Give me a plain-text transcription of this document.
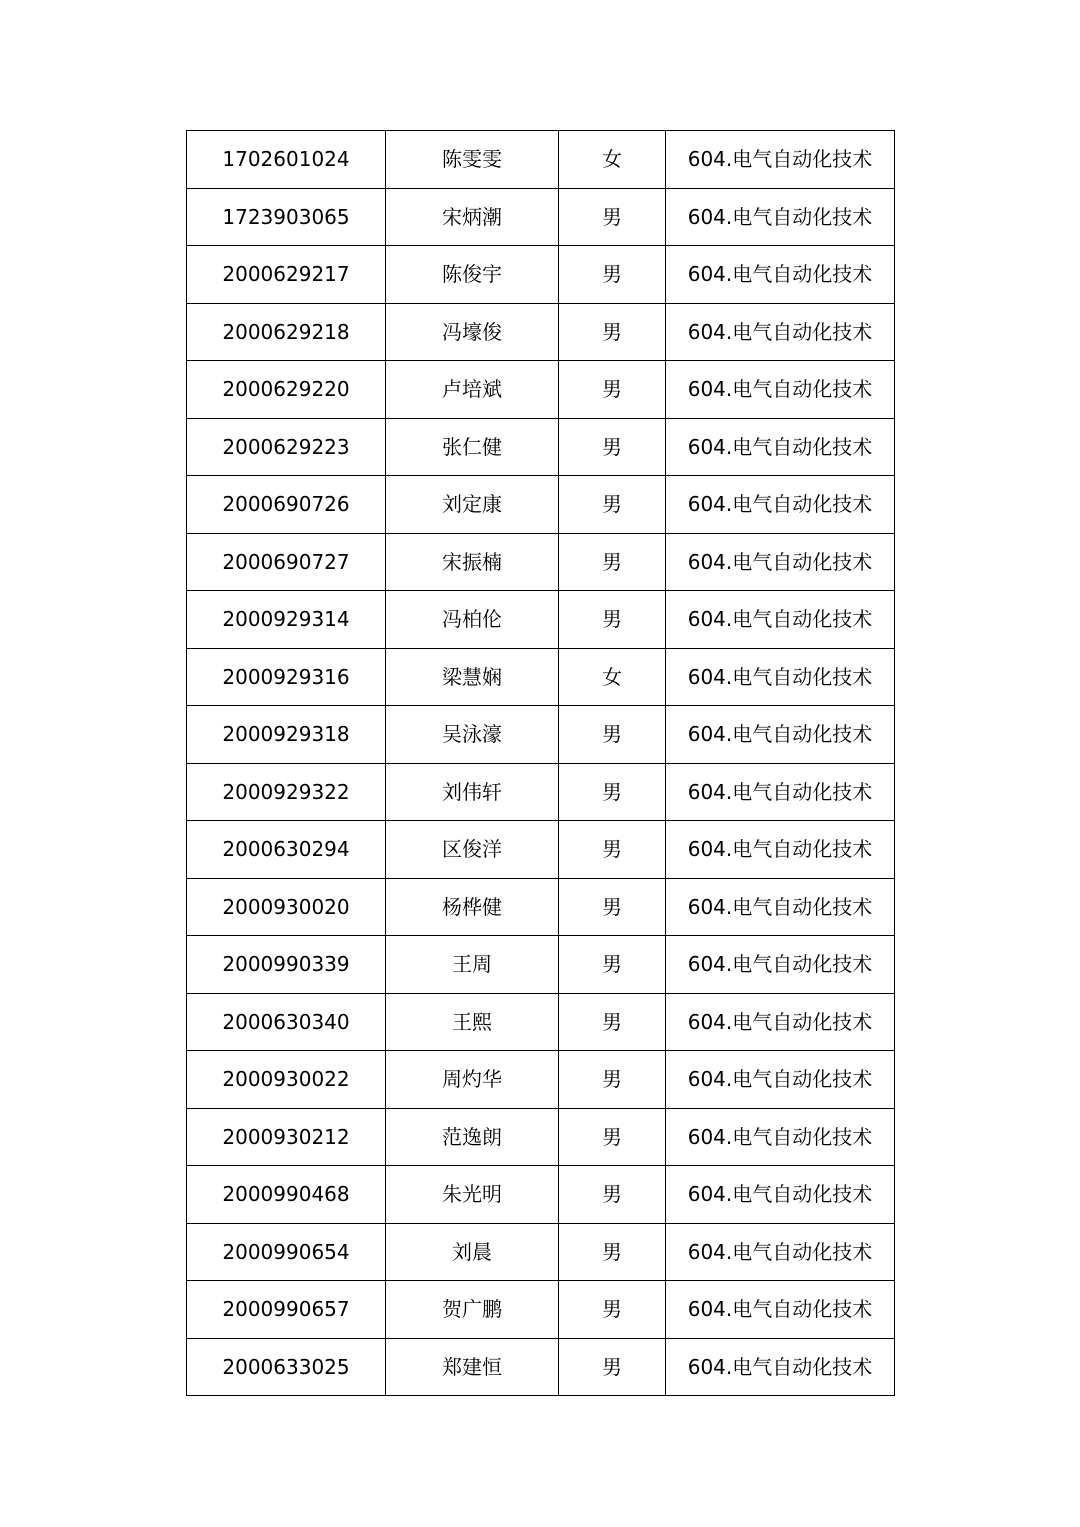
1702601024	陈雯雯	女	604.电气自动化技术
1723903065	宋炳潮	男	604.电气自动化技术
2000629217	陈俊宇	男	604.电气自动化技术
2000629218	冯壕俊	男	604.电气自动化技术
2000629220	卢培斌	男	604.电气自动化技术
2000629223	张仁健	男	604.电气自动化技术
2000690726	刘定康	男	604.电气自动化技术
2000690727	宋振楠	男	604.电气自动化技术
2000929314	冯柏伦	男	604.电气自动化技术
2000929316	梁慧娴	女	604.电气自动化技术
2000929318	吴泳濠	男	604.电气自动化技术
2000929322	刘伟轩	男	604.电气自动化技术
2000630294	区俊洋	男	604.电气自动化技术
2000930020	杨桦健	男	604.电气自动化技术
2000990339	王周	男	604.电气自动化技术
2000630340	王熙	男	604.电气自动化技术
2000930022	周灼华	男	604.电气自动化技术
2000930212	范逸朗	男	604.电气自动化技术
2000990468	朱光明	男	604.电气自动化技术
2000990654	刘晨	男	604.电气自动化技术
2000990657	贺广鹏	男	604.电气自动化技术
2000633025	郑建恒	男	604.电气自动化技术
